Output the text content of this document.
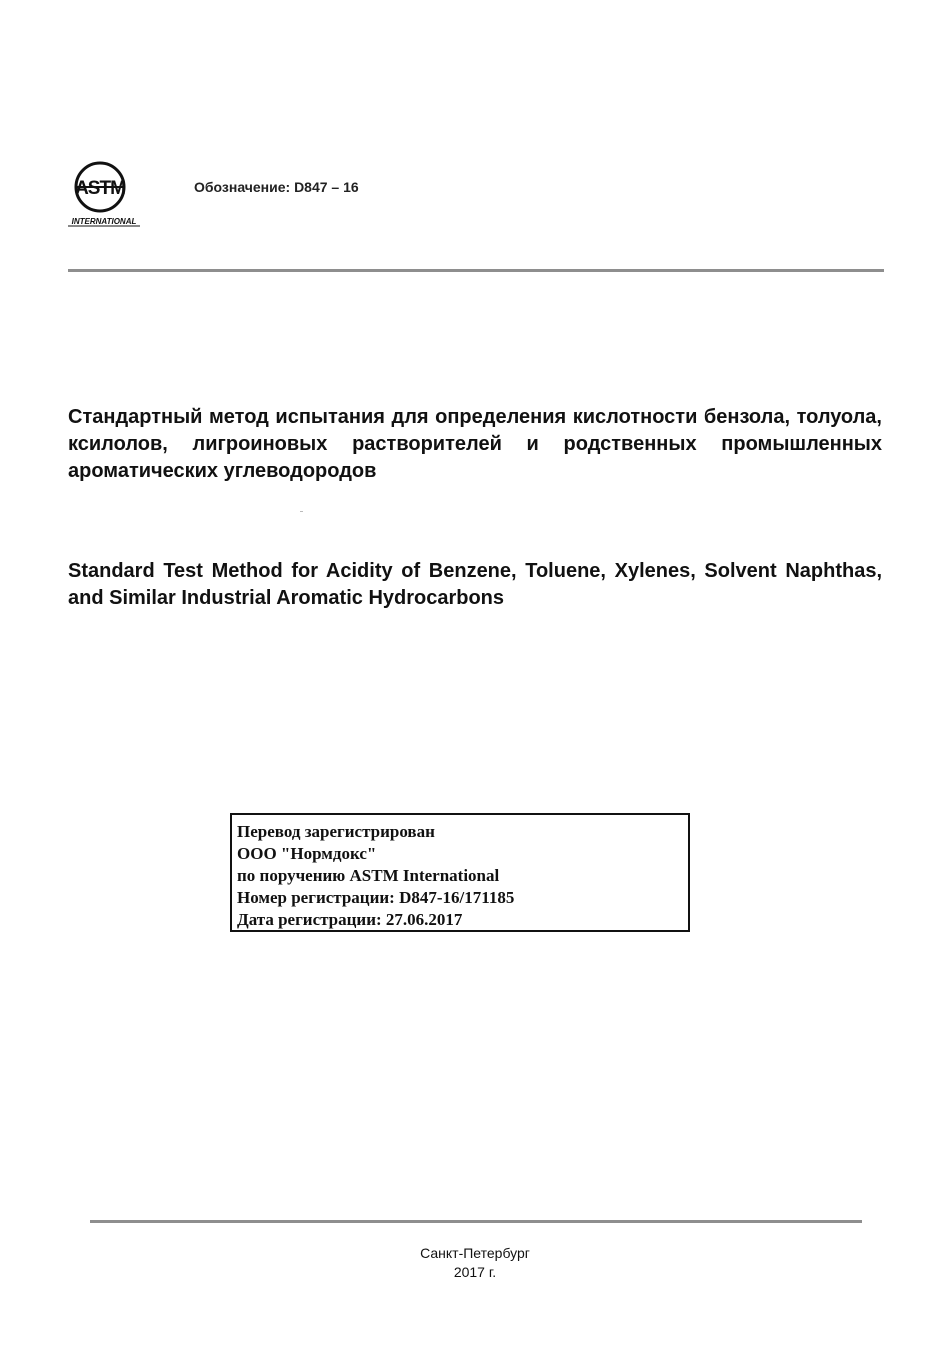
ASTM
INTERNATIONAL
Обозначение: D847 – 16
Стандартный метод испытания для определения кислотности бензола, толуола, ксилолов, лигроиновых растворителей и родственных промышленных ароматических углеводородов
Standard Test Method for Acidity of Benzene, Toluene, Xylenes, Solvent Naphthas, and Similar Industrial Aromatic Hydrocarbons
Перевод зарегистрирован
ООО "Нормдокс"
по поручению ASTM International
Номер регистрации: D847-16/171185
Дата регистрации: 27.06.2017
Санкт-Петербург
2017 г.
